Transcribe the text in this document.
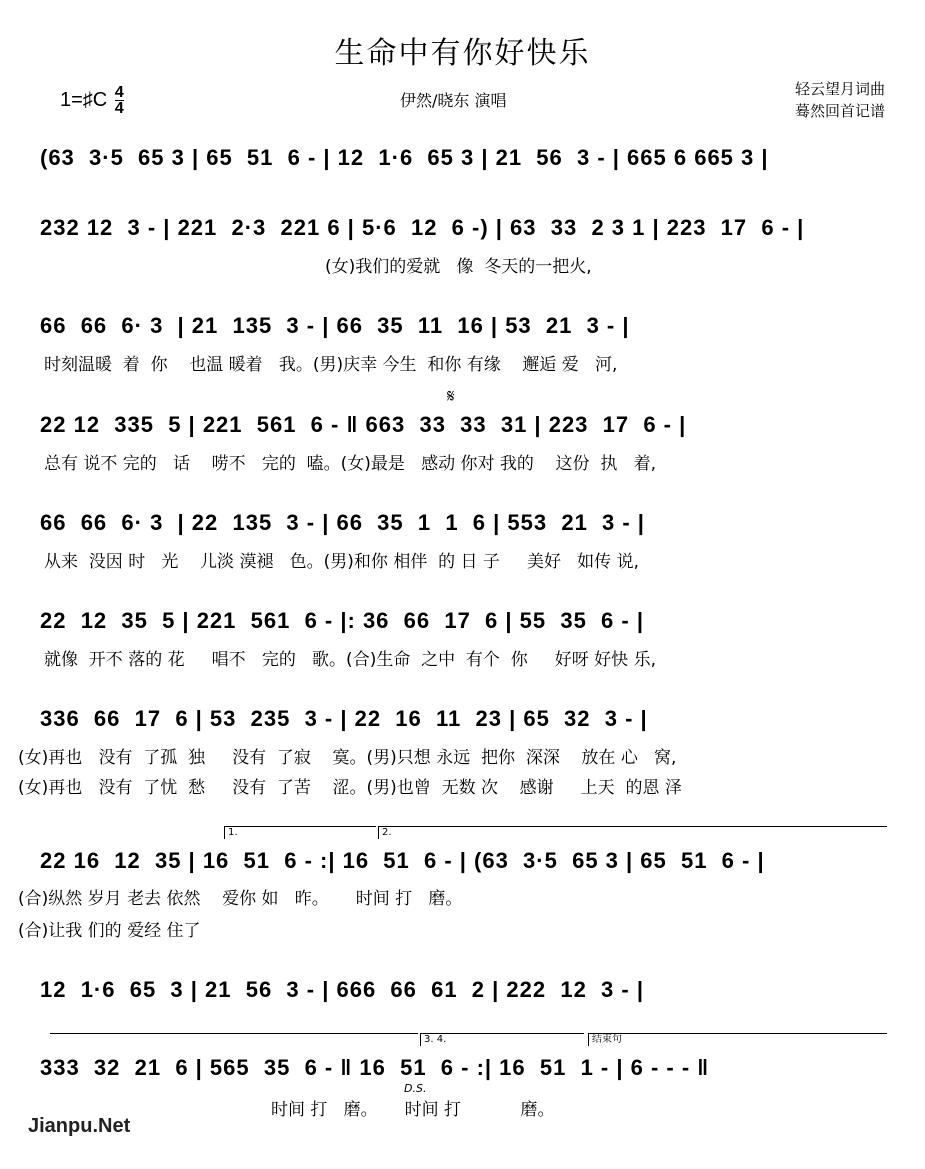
生命中有你好快乐
1=♯C $\frac{4}{4}$	伊然/晓东 演唱
轻云望月词曲
蓦然回首记谱
(63  3·5  65 3 | 65  51  6 - | 12  1·6  65 3 | 21  56  3 - | 665 6 665 3 |
232 12  3 - | 221  2·3  221 6 | 5·6  12  6 -) | 63  33  2 3 1 | 223  17  6 - |
(女)我们的爱就   像  冬天的一把火,
66  66  6· 3  | 21  135  3 - | 66  35  11  16 | 53  21  3 - |
时刻温暖  着  你    也温 暖着   我。(男)庆幸 今生  和你 有缘    邂逅 爱   河,
𝄋
22 12  335  5 | 221  561  6 - ‖ 663  33  33  31 | 223  17  6 - |
总有 说不 完的   话    唠不   完的  嗑。(女)最是   感动 你对 我的    这份  执   着,
66  66  6· 3  | 22  135  3 - | 66  35  1  1  6 | 553  21  3 - |
从来  没因 时   光    儿淡 漠褪   色。(男)和你 相伴  的 日 子     美好   如传 说,
22  12  35  5 | 221  561  6 - |: 36  66  17  6 | 55  35  6 - |
就像  开不 落的 花     唱不   完的   歌。(合)生命  之中  有个  你     好呀 好快 乐,
336  66  17  6 | 53  235  3 - | 22  16  11  23 | 65  32  3 - |
(女)再也   没有  了孤  独     没有  了寂    寞。(男)只想 永远  把你  深深    放在 心   窝,
(女)再也   没有  了忧  愁     没有  了苦    涩。(男)也曾  无数 次    感谢     上天  的恩 泽
1.	2.
22 16  12  35 | 16  51  6 - :| 16  51  6 - | (63  3·5  65 3 | 65  51  6 - |
(合)纵然 岁月 老去 依然    爱你 如   昨。     时间 打   磨。
(合)让我 们的 爱经 住了
12  1·6  65  3 | 21  56  3 - | 666  66  61  2 | 222  12  3 - |
3. 4.	结束句
333  32  21  6 | 565  35  6 - ‖ 16  51  6 - :| 16  51  1 - | 6 - - - ‖
D.S.
时间 打   磨。     时间 打           磨。
Jianpu.Net
